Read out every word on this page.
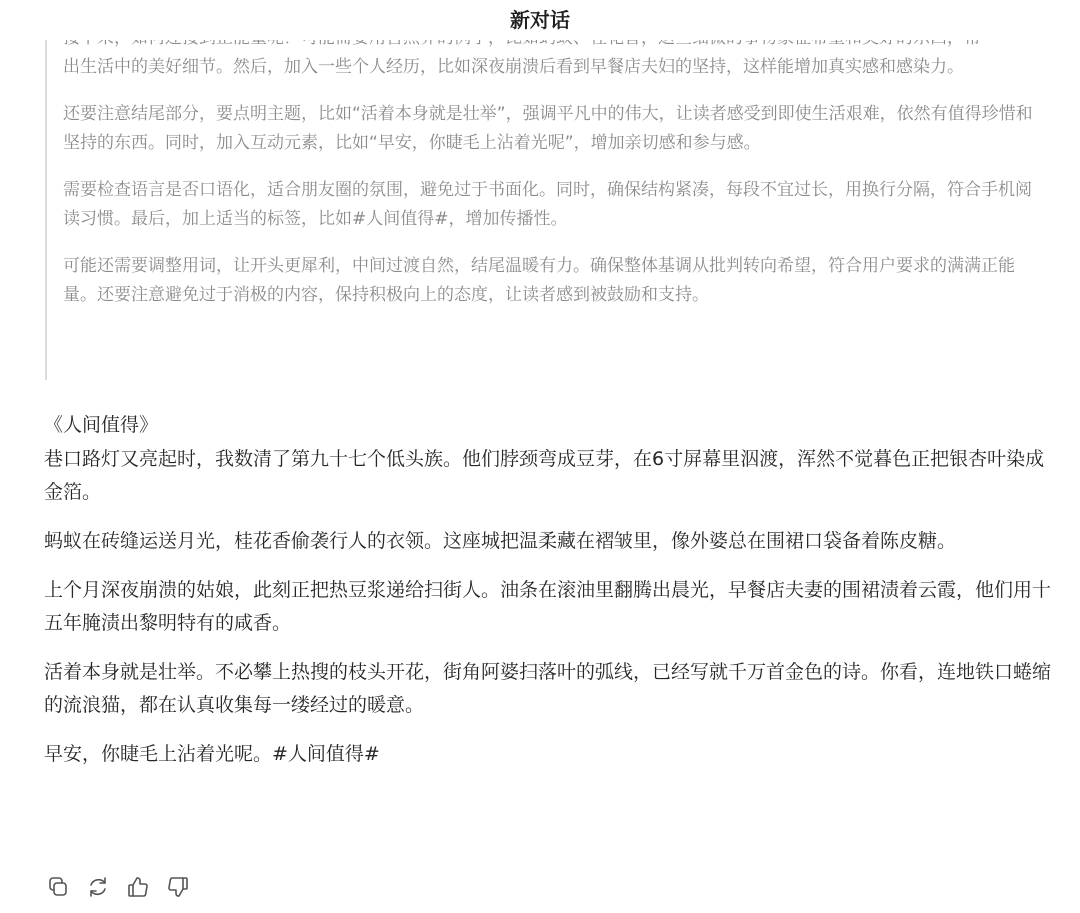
新对话

出生活中的美好细节。然后，加入一些个人经历，比如深夜崩溃后看到早餐店夫妇的坚持，这样能增加真实感和感染力。

还要注意结尾部分，要点明主题，比如“活着本身就是壮举”，强调平凡中的伟大，让读者感受到即使生活艰难，依然有值得珍惜和坚持的东西。同时，加入互动元素，比如“早安，你睫毛上沾着光呢”，增加亲切感和参与感。

需要检查语言是否口语化，适合朋友圈的氛围，避免过于书面化。同时，确保结构紧凑，每段不宜过长，用换行分隔，符合手机阅读习惯。最后，加上适当的标签，比如#人间值得#，增加传播性。

可能还需要调整用词，让开头更犀利，中间过渡自然，结尾温暖有力。确保整体基调从批判转向希望，符合用户要求的满满正能量。还要注意避免过于消极的内容，保持积极向上的态度，让读者感到被鼓励和支持。

《人间值得》

巷口路灯又亮起时，我数清了第九十七个低头族。他们脖颈弯成豆芽，在6寸屏幕里泅渡，浑然不觉暮色正把银杏叶染成金箔。

蚂蚁在砖缝运送月光，桂花香偷袭行人的衣领。这座城把温柔藏在褶皱里，像外婆总在围裙口袋备着陈皮糖。

上个月深夜崩溃的姑娘，此刻正把热豆浆递给扫街人。油条在滚油里翻腾出晨光，早餐店夫妻的围裙渍着云霞，他们用十五年腌渍出黎明特有的咸香。

活着本身就是壮举。不必攀上热搜的枝头开花，街角阿婆扫落叶的弧线，已经写就千万首金色的诗。你看，连地铁口蜷缩的流浪猫，都在认真收集每一缕经过的暖意。

早安，你睫毛上沾着光呢。#人间值得#
